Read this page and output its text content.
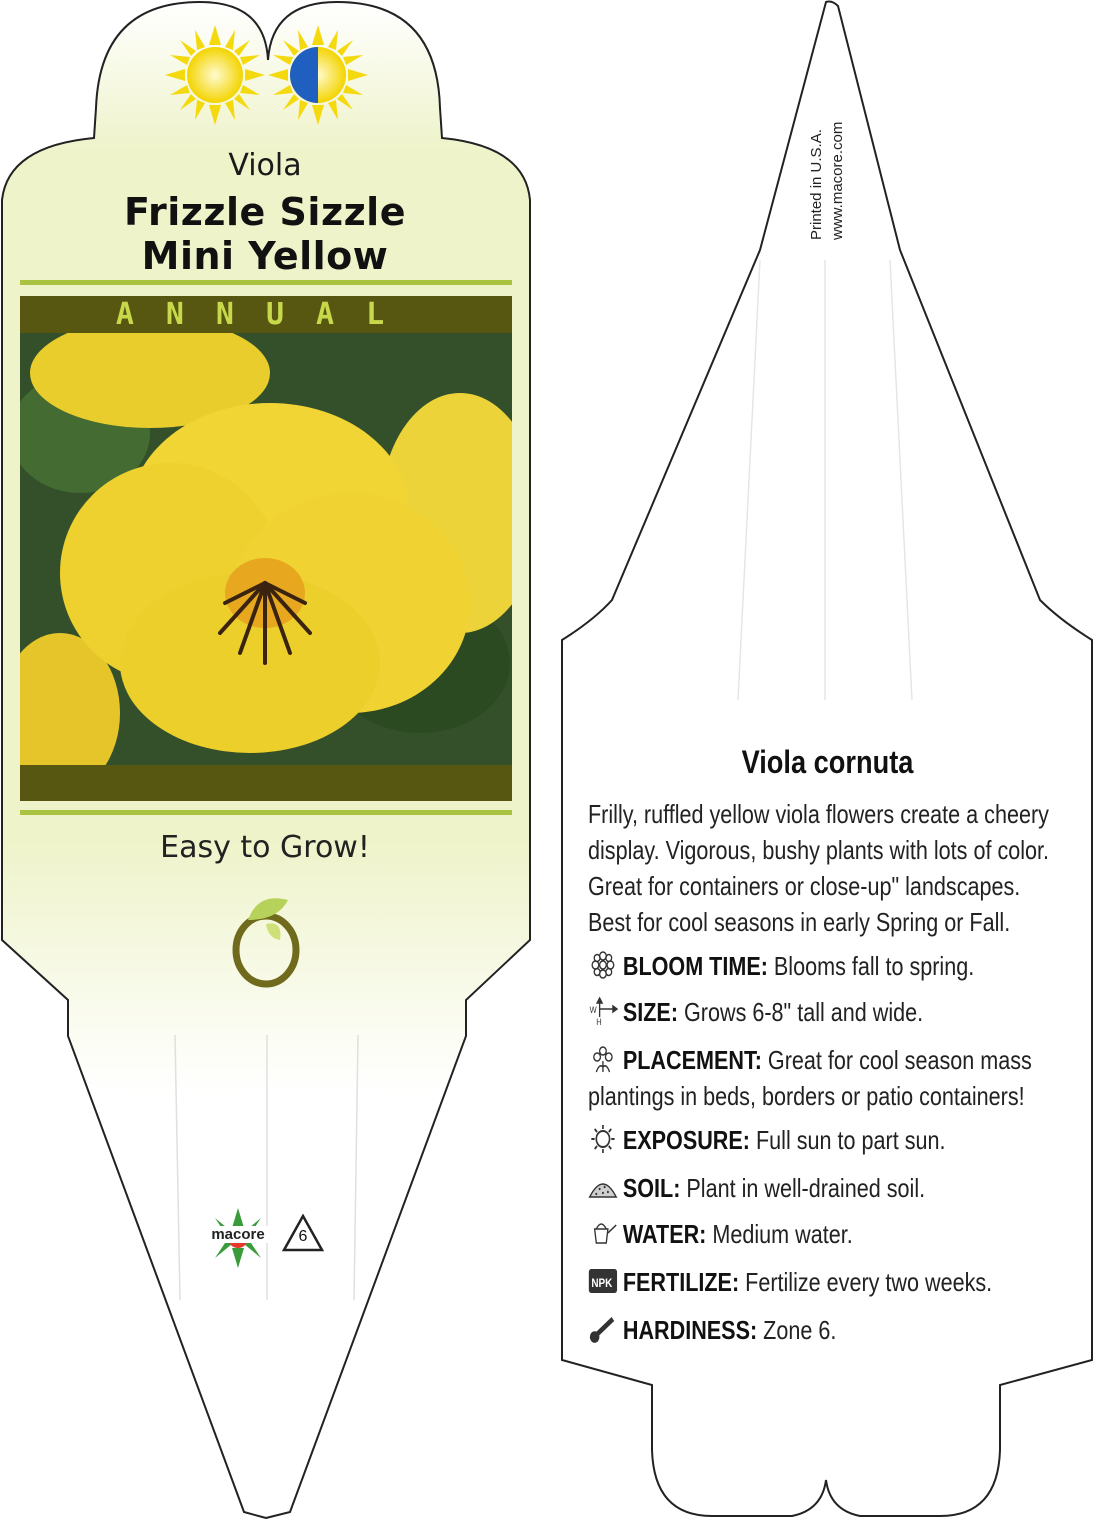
Viola
Frizzle Sizzle
Mini Yellow
ANNUAL
Easy to Grow!
macore	6
Printed in U.S.A. www.macore.com
Viola cornuta
Frilly, ruffled yellow viola flowers create a cheery display. Vigorous, bushy plants with lots of color. Great for containers or close-up" landscapes. Best for cool seasons in early Spring or Fall.
BLOOM TIME: Blooms fall to spring.
W
H SIZE: Grows 6-8" tall and wide.
PLACEMENT: Great for cool season mass plantings in beds, borders or patio containers!
EXPOSURE: Full sun to part sun.
SOIL: Plant in well-drained soil.
WATER: Medium water.
NPK FERTILIZE: Fertilize every two weeks.
HARDINESS: Zone 6.
